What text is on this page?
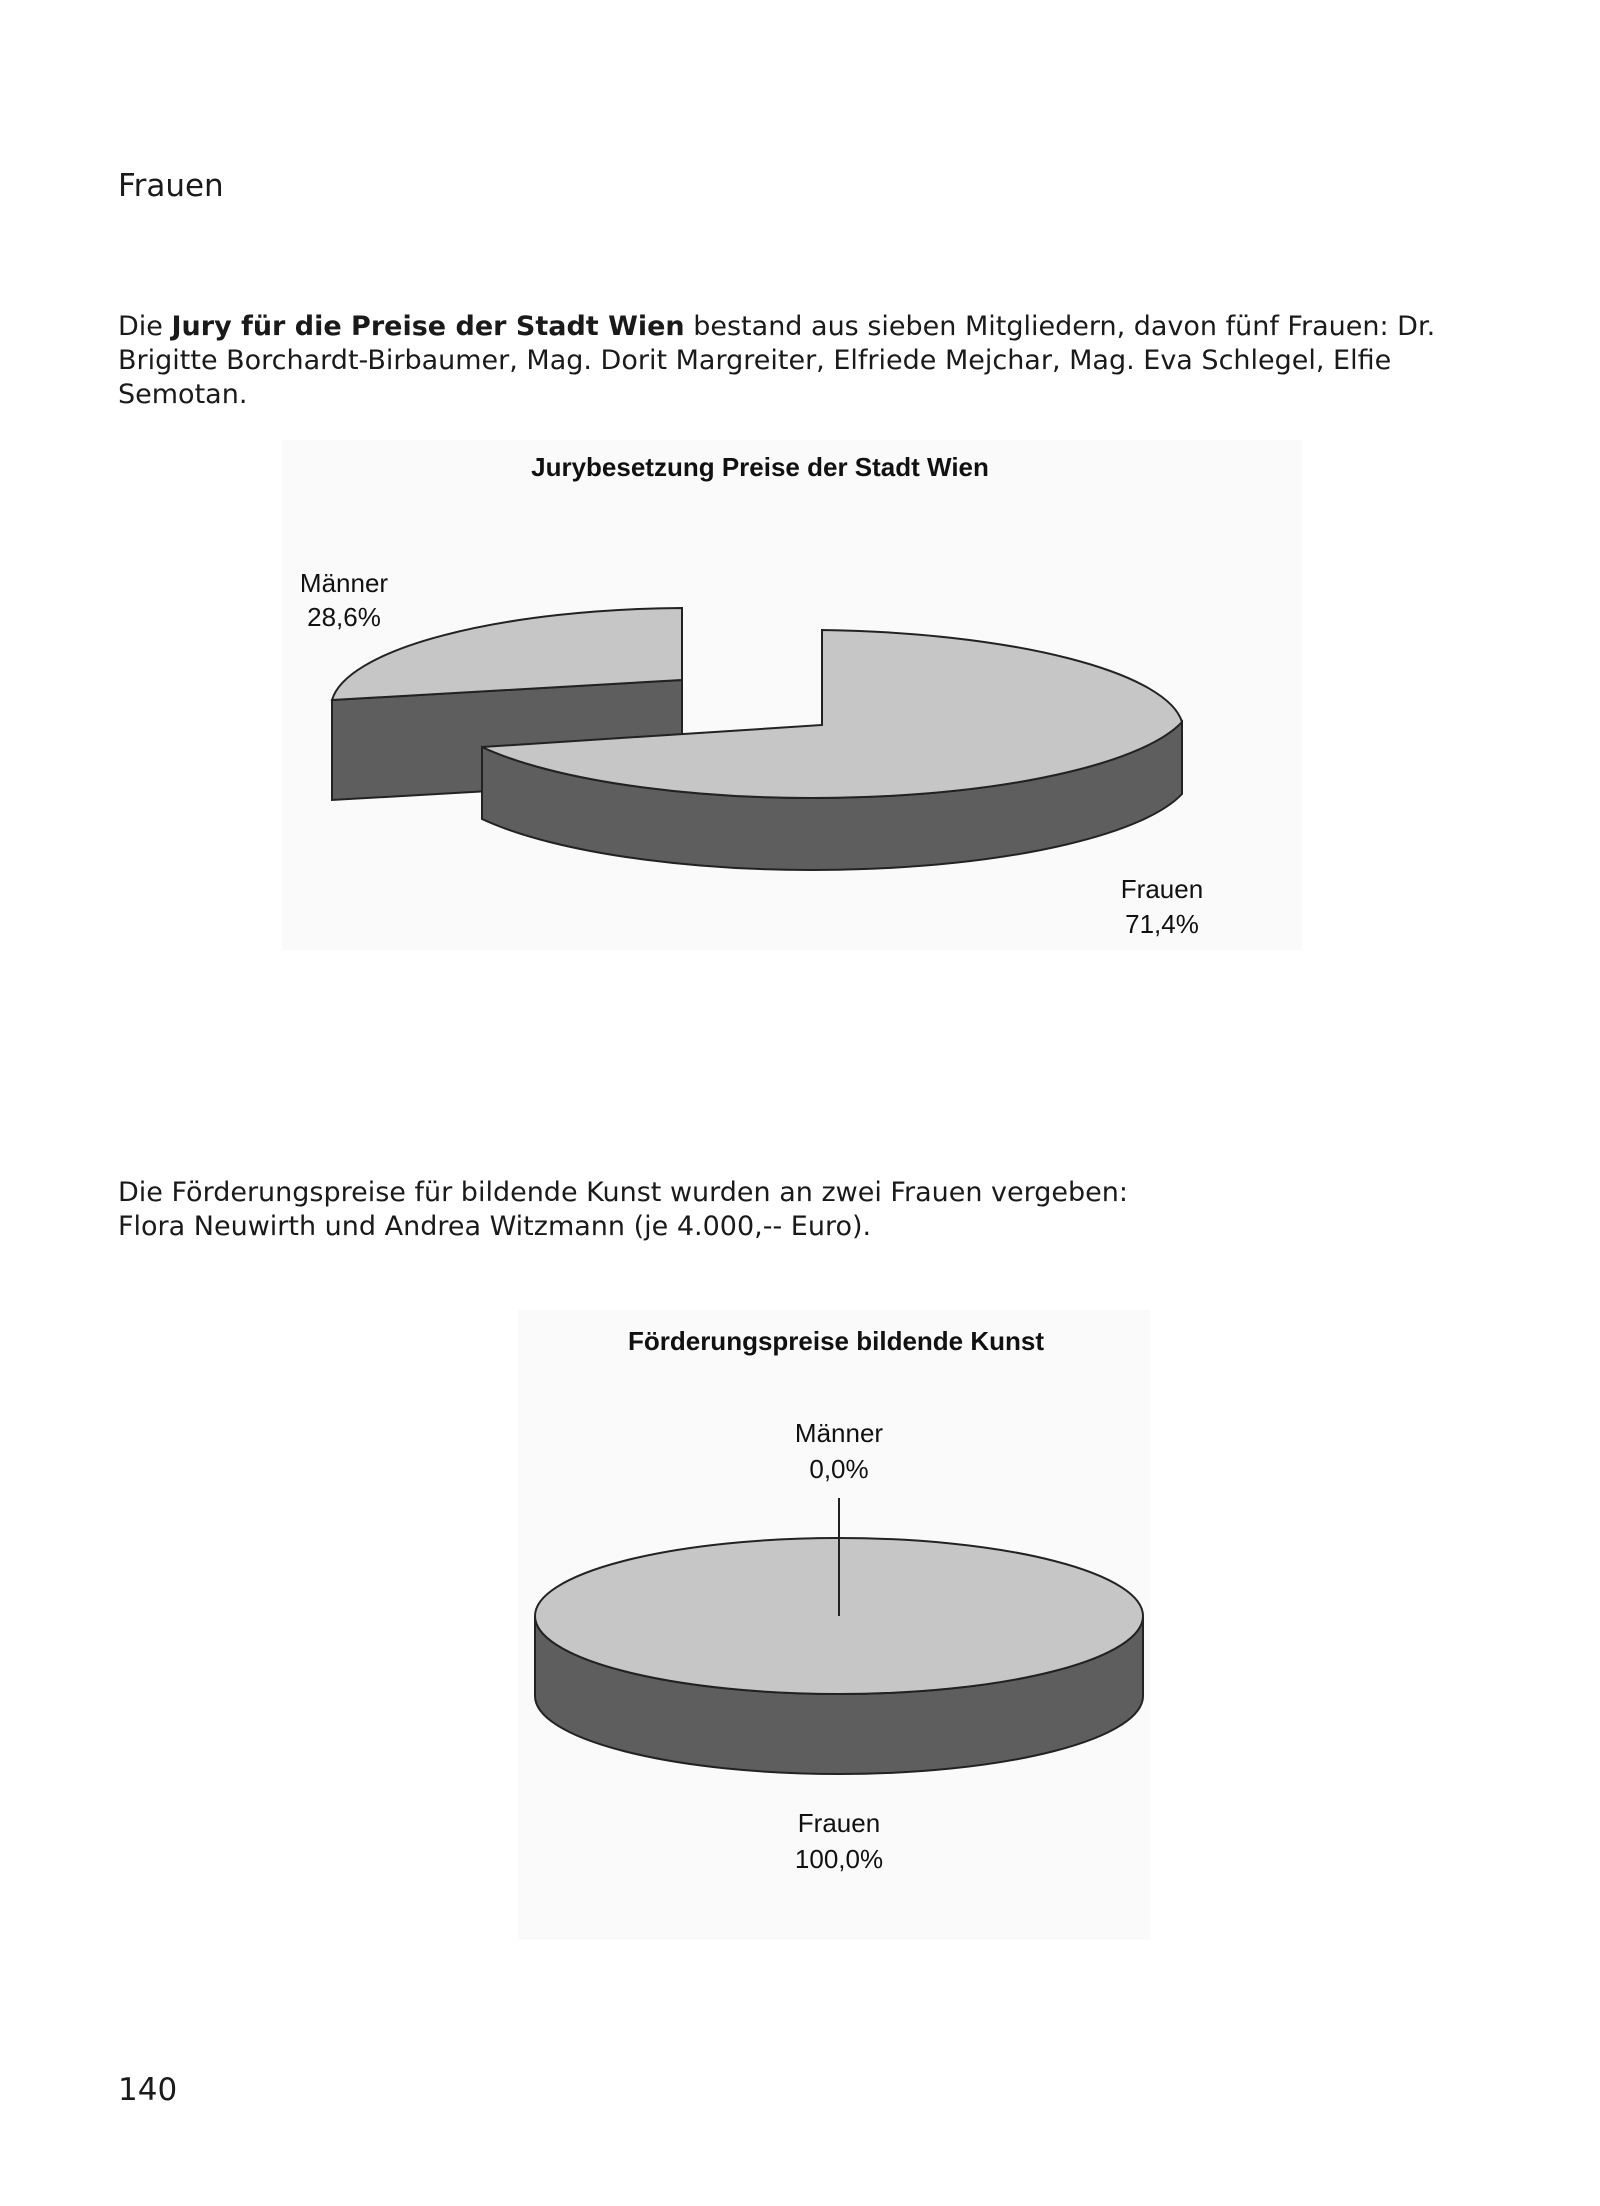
Frauen

Die Jury für die Preise der Stadt Wien bestand aus sieben Mitgliedern, davon fünf Frauen: Dr. Brigitte Borchardt-Birbaumer, Mag. Dorit Margreiter, Elfriede Mejchar, Mag. Eva Schlegel, Elfie Semotan.

Jurybesetzung Preise der Stadt Wien
Männer
28,6%
Frauen
71,4%

Die Förderungspreise für bildende Kunst wurden an zwei Frauen vergeben:
Flora Neuwirth und Andrea Witzmann (je 4.000,-- Euro).

Förderungspreise bildende Kunst
Männer
0,0%
Frauen
100,0%

140
